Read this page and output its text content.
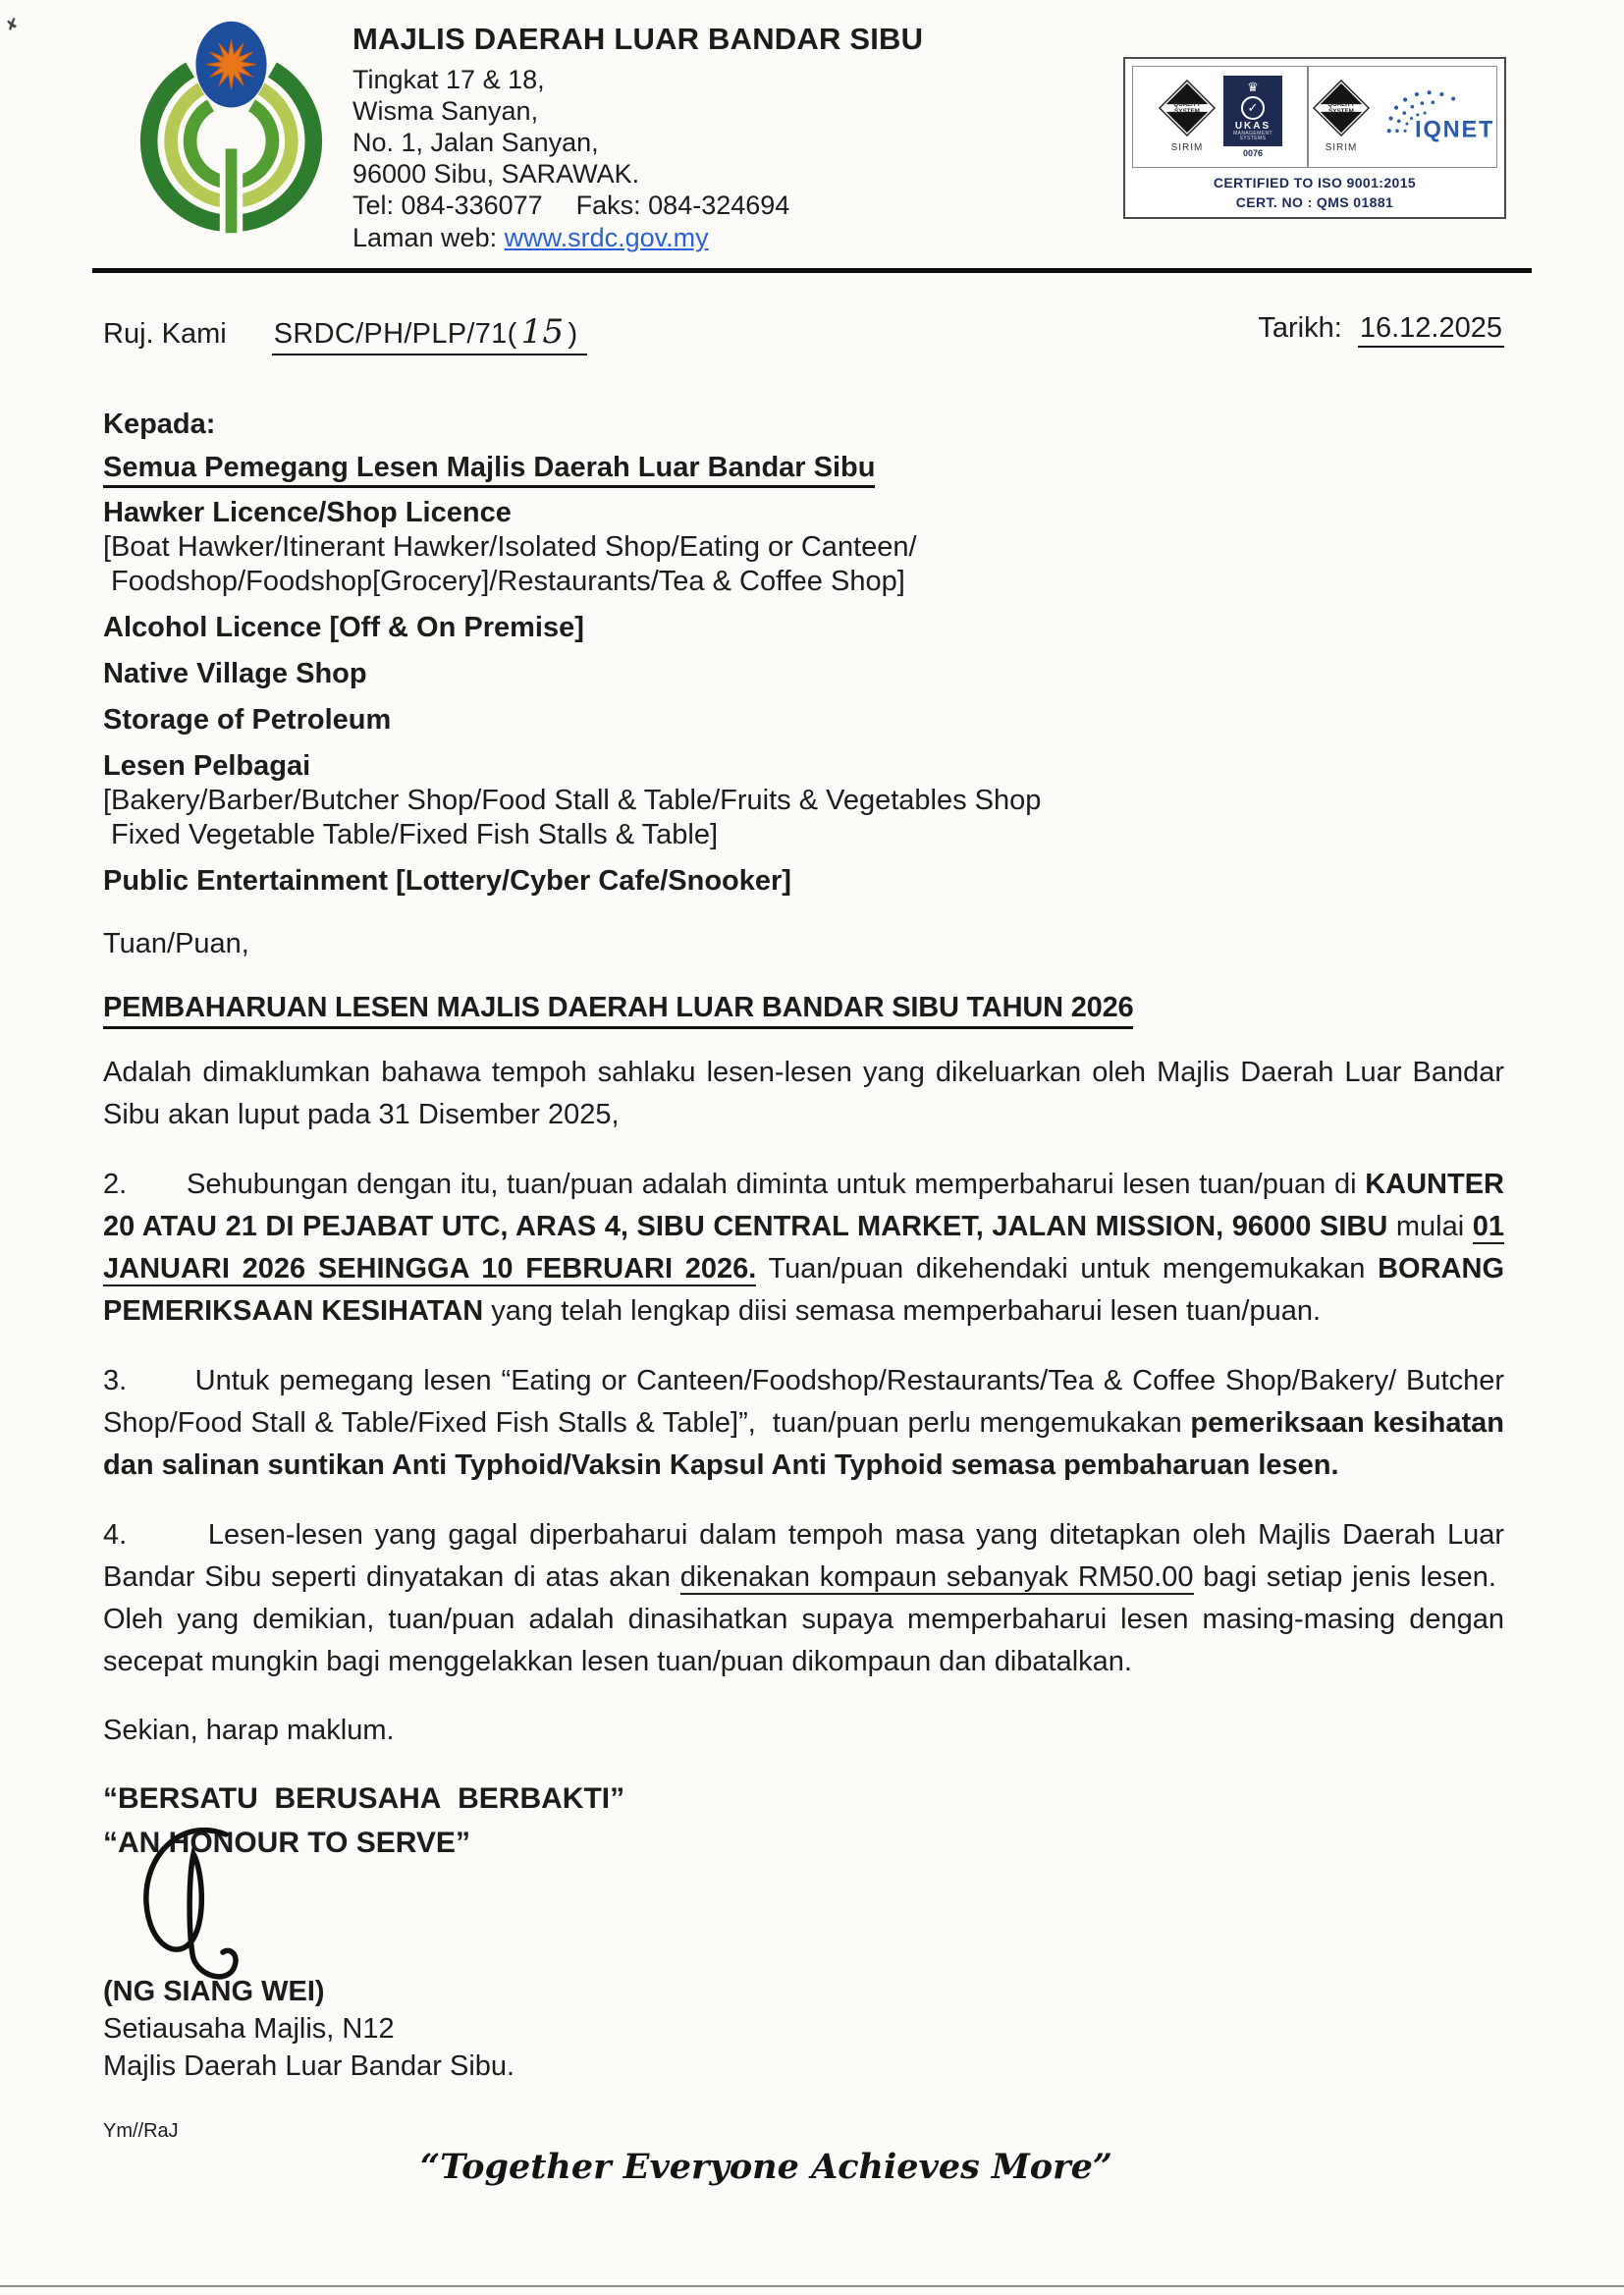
✘	MAJLIS DAERAH LUAR BANDAR SIBU
Tingkat 17 & 18,
Wisma Sanyan,
No. 1, Jalan Sanyan,
96000 Sibu, SARAWAK.
Tel: 084-336077 Faks: 084-324694
Laman web: www.srdc.gov.my
QUALITY
SYSTEM
SIRIM
♛
✓
UKAS
MANAGEMENT SYSTEMS
0076
QUALITY
SYSTEM
SIRIM
IQNET
CERTIFIED TO ISO 9001:2015
CERT. NO : QMS 01881
Ruj. Kami SRDC/PH/PLP/71( 15 )	Tarikh: 16.12.2025
Kepada:
Semua Pemegang Lesen Majlis Daerah Luar Bandar Sibu
Hawker Licence/Shop Licence
[Boat Hawker/Itinerant Hawker/Isolated Shop/Eating or Canteen/
Foodshop/Foodshop[Grocery]/Restaurants/Tea & Coffee Shop]
Alcohol Licence [Off & On Premise]
Native Village Shop
Storage of Petroleum
Lesen Pelbagai
[Bakery/Barber/Butcher Shop/Food Stall & Table/Fruits & Vegetables Shop
Fixed Vegetable Table/Fixed Fish Stalls & Table]
Public Entertainment [Lottery/Cyber Cafe/Snooker]
Tuan/Puan,
PEMBAHARUAN LESEN MAJLIS DAERAH LUAR BANDAR SIBU TAHUN 2026
Adalah dimaklumkan bahawa tempoh sahlaku lesen-lesen yang dikeluarkan oleh Majlis Daerah Luar Bandar Sibu akan luput pada 31 Disember 2025,
2.       Sehubungan dengan itu, tuan/puan adalah diminta untuk memperbaharui lesen tuan/puan di KAUNTER 20 ATAU 21 DI PEJABAT UTC, ARAS 4, SIBU CENTRAL MARKET, JALAN MISSION, 96000 SIBU mulai 01 JANUARI 2026 SEHINGGA 10 FEBRUARI 2026. Tuan/puan dikehendaki untuk mengemukakan BORANG PEMERIKSAAN KESIHATAN yang telah lengkap diisi semasa memperbaharui lesen tuan/puan.
3.       Untuk pemegang lesen “Eating or Canteen/Foodshop/Restaurants/Tea & Coffee Shop/Bakery/ Butcher Shop/Food Stall & Table/Fixed Fish Stalls & Table]”,  tuan/puan perlu mengemukakan pemeriksaan kesihatan dan salinan suntikan Anti Typhoid/Vaksin Kapsul Anti Typhoid semasa pembaharuan lesen.
4.       Lesen-lesen yang gagal diperbaharui dalam tempoh masa yang ditetapkan oleh Majlis Daerah Luar Bandar Sibu seperti dinyatakan di atas akan dikenakan kompaun sebanyak RM50.00 bagi setiap jenis lesen.  Oleh yang demikian, tuan/puan adalah dinasihatkan supaya memperbaharui lesen masing-masing dengan secepat mungkin bagi menggelakkan lesen tuan/puan dikompaun dan dibatalkan.
Sekian, harap maklum.
“BERSATU  BERUSAHA  BERBAKTI”
“AN HONOUR TO SERVE”
(NG SIANG WEI)
Setiausaha Majlis, N12
Majlis Daerah Luar Bandar Sibu.
Ym//RaJ
“Together Everyone Achieves More”
